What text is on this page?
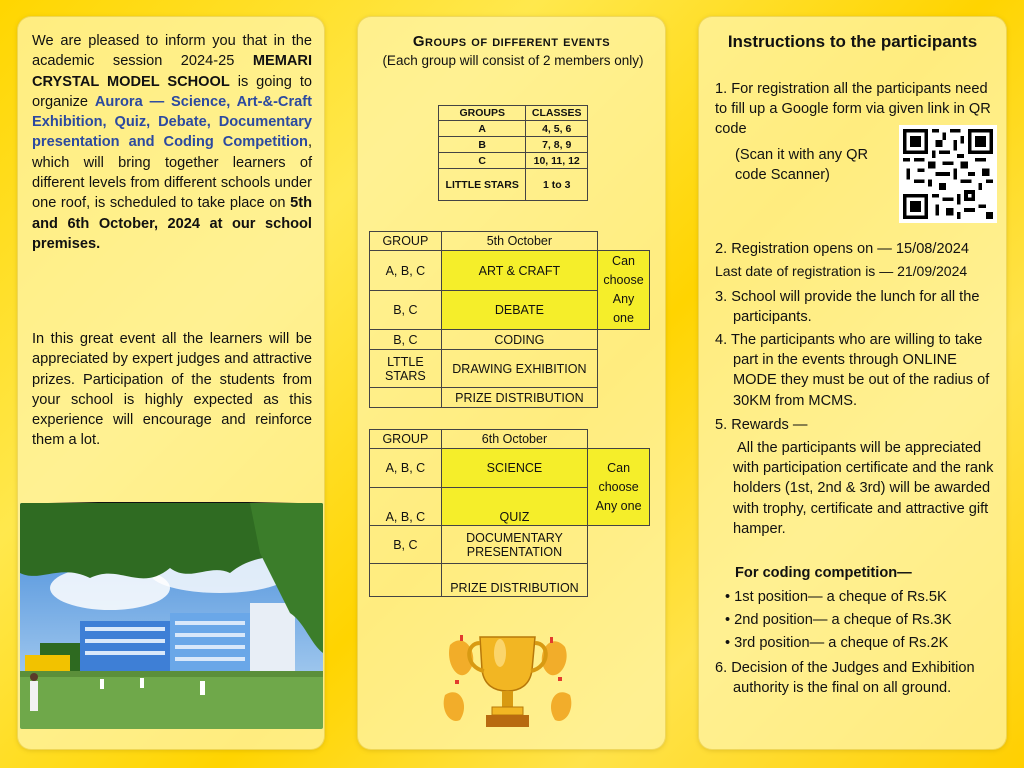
We are pleased to inform you that in the academic session 2024-25 MEMARI CRYSTAL MODEL SCHOOL is going to organize Aurora — Science, Art-&-Craft Exhibition, Quiz, Debate, Documentary presentation and Coding Competition, which will bring together learners of different levels from different schools under one roof, is scheduled to take place on 5th and 6th October, 2024 at our school premises.
In this great event all the learners will be appreciated by expert judges and attractive prizes. Participation of the students from your school is highly expected as this experience will encourage and reinforce them a lot.
Groups of different events
(Each group will consist of 2 members only)
GROUPS	CLASSES
A	4, 5, 6
B	7, 8, 9
C	10, 11, 12
LITTLE STARS	1 to 3
GROUP	5th October	
A, B, C	ART & CRAFT	Can choose Any one
B, C	DEBATE	
B, C	CODING	
LTTLE STARS	DRAWING EXHIBITION	
	PRIZE DISTRIBUTION	
GROUP	6th October	
A, B, C	SCIENCE	Can choose Any one
A, B, C	QUIZ	
B, C	DOCUMENTARY PRESENTATION	
	PRIZE DISTRIBUTION	
Instructions to the participants
1. For registration all the participants need to fill up a Google form via given link in QR code
(Scan it with any QR code Scanner)
2. Registration opens on — 15/08/2024
Last date of registration is — 21/09/2024
3. School will provide the lunch for all the participants.
4. The participants who are willing to take part in the events through ONLINE MODE they must be out of the radius of 30KM from MCMS.
5. Rewards —
All the participants will be appreciated with participation certificate and the rank holders (1st, 2nd & 3rd) will be awarded with trophy, certificate and attractive gift hamper.
For coding competition—
• 1st position— a cheque of Rs.5K
• 2nd position— a cheque of Rs.3K
• 3rd position— a cheque of Rs.2K
6. Decision of the Judges and Exhibition authority is the final on all ground.
